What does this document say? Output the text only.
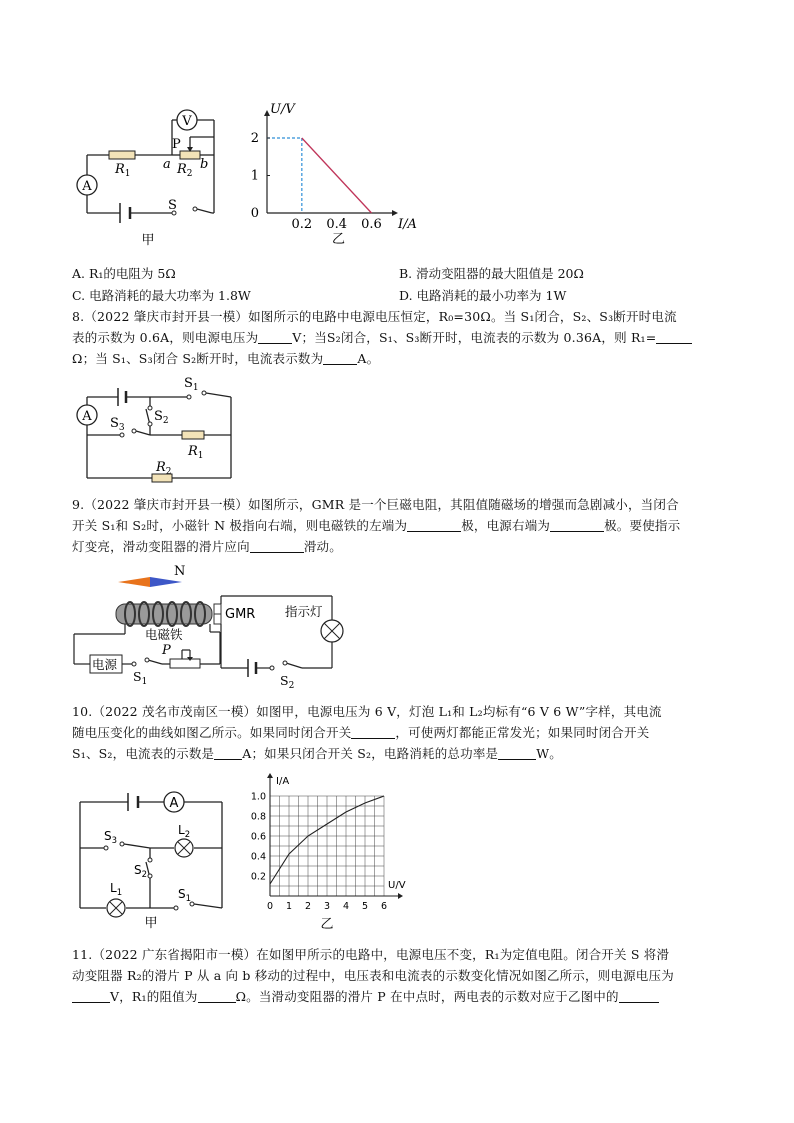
A
V
$R_1$	$R_2$
a b
P
S
甲
0.2 0.4 0.6
0
1
2
I/A
U/V
乙
A. R₁的电阻为 5Ω	B. 滑动变阻器的最大阻值是 20Ω
C. 电路消耗的最大功率为 1.8W	D. 电路消耗的最小功率为 1W
8.（2022 肇庆市封开县一模）如图所示的电路中电源电压恒定，R₀=30Ω。当 S₁闭合，S₂、S₃断开时电流
表的示数为 0.6A，则电源电压为	V；当S₂闭合，S₁、S₃断开时，电流表的示数为 0.36A，则 R₁=
Ω；当 S₁、S₃闭合 S₂断开时，电流表示数为	A。
A
$S_1$
$S_2$
$S_3$
$R_1$
$R_2$
9.（2022 肇庆市封开县一模）如图所示，GMR 是一个巨磁电阻，其阻值随磁场的增强而急剧减小，当闭合
开关 S₁和 S₂时，小磁针 N 极指向右端，则电磁铁的左端为	极，电源右端为	极。要使指示
灯变亮，滑动变阻器的滑片应向	滑动。
N
GMR 指示灯
电磁铁
电源
P
$S_1$	$S_2$
10.（2022 茂名市茂南区一模）如图甲，电源电压为 6 V，灯泡 L₁和 L₂均标有“6 V 6 W”字样，其电流
随电压变化的曲线如图乙所示。如果同时闭合开关	，可使两灯都能正常发光；如果同时闭合开关
S₁、S₂，电流表的示数是 A；如果只闭合开关 S₂，电路消耗的总功率是	W。
A
$S_3$
$S_2$
$S_1$
$L_2$
$L_1$
甲
0 1 2 3 4 5 6
1.0
0.8
0.6
0.4
0.2
U/V
I/A
乙
11.（2022 广东省揭阳市一模）在如图甲所示的电路中，电源电压不变，R₁为定值电阻。闭合开关 S 将滑
动变阻器 R₂的滑片 P 从 a 向 b 移动的过程中，电压表和电流表的示数变化情况如图乙所示，则电源电压为
V，R₁的阻值为	Ω。当滑动变阻器的滑片 P 在中点时，两电表的示数对应于乙图中的
